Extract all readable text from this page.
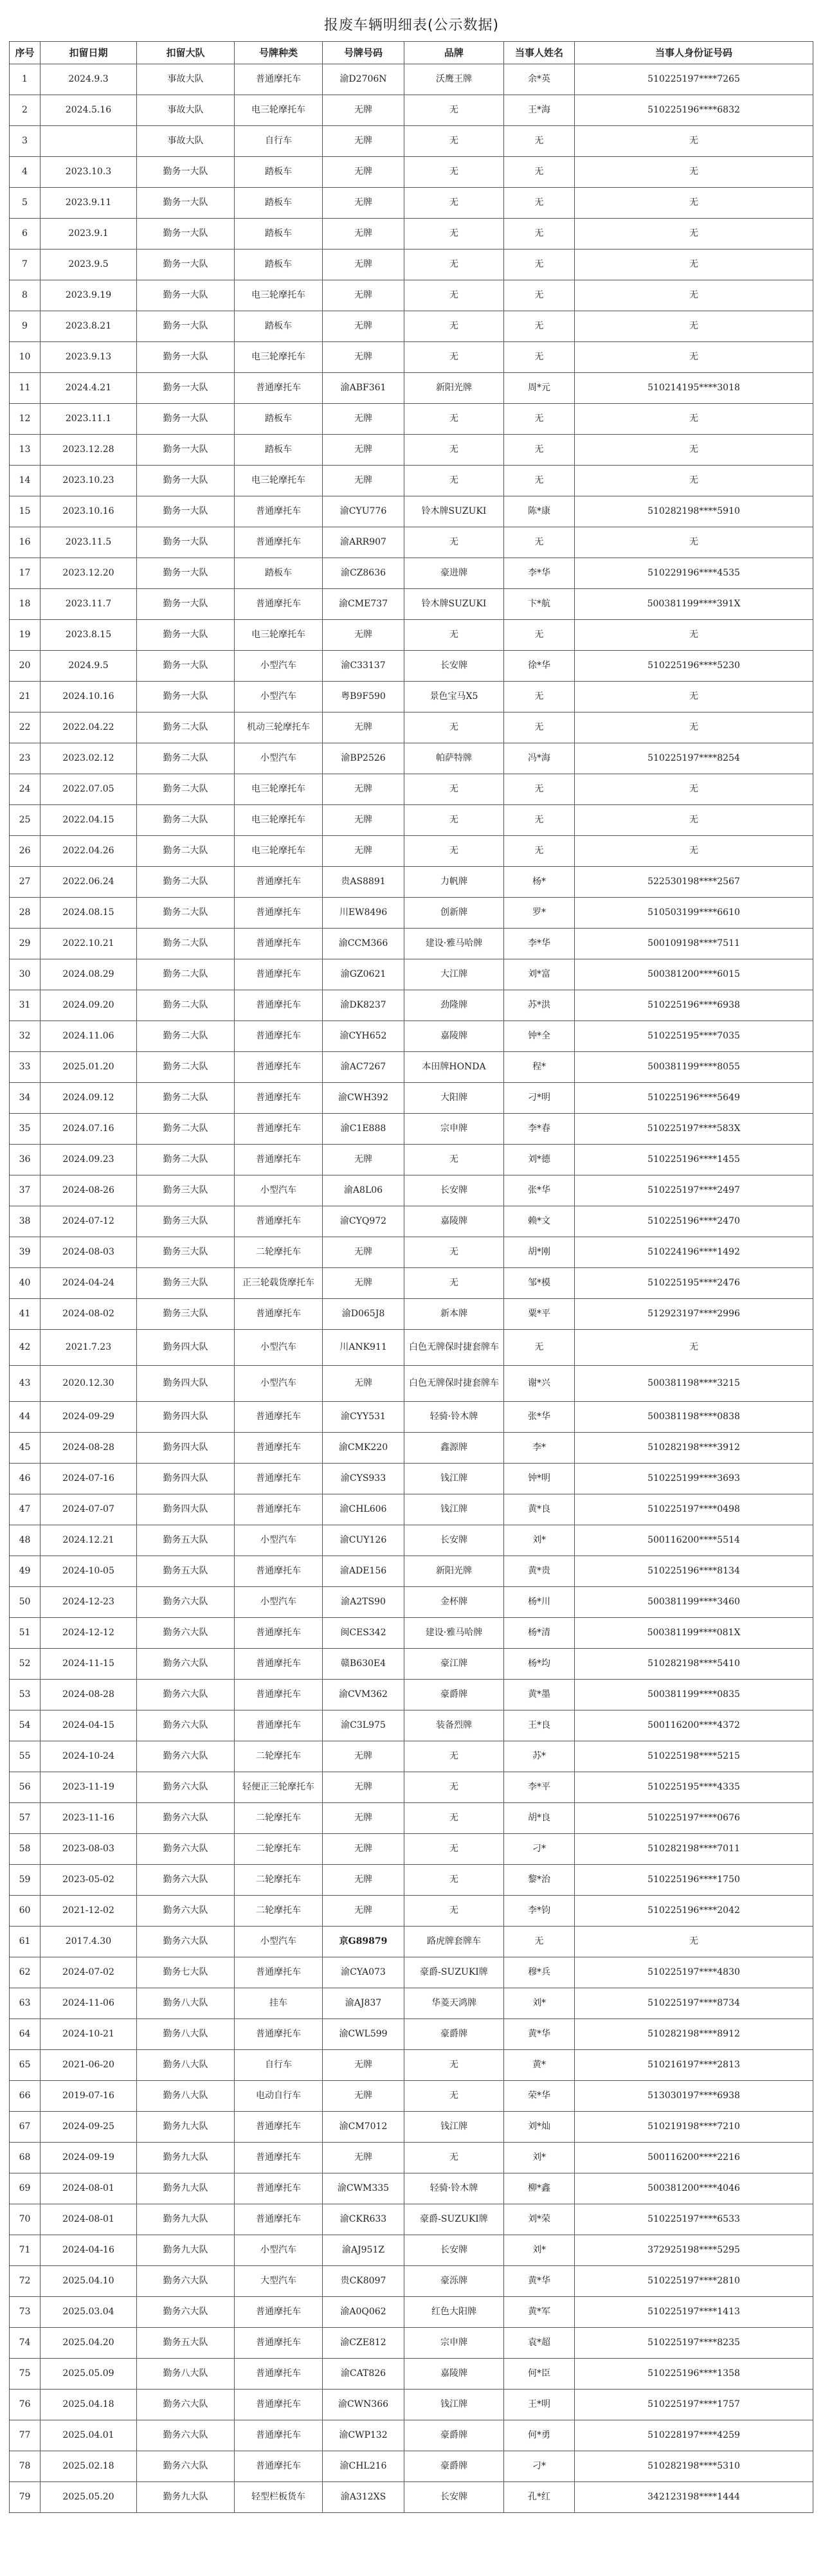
报废车辆明细表(公示数据)
序号	扣留日期	扣留大队	号牌种类	号牌号码	品牌	当事人姓名	当事人身份证号码
1	2024.9.3	事故大队	普通摩托车	渝D2706N	沃鹰王牌	余*英	510225197****7265
2	2024.5.16	事故大队	电三轮摩托车	无牌	无	王*海	510225196****6832
3		事故大队	自行车	无牌	无	无	无
4	2023.10.3	勤务一大队	踏板车	无牌	无	无	无
5	2023.9.11	勤务一大队	踏板车	无牌	无	无	无
6	2023.9.1	勤务一大队	踏板车	无牌	无	无	无
7	2023.9.5	勤务一大队	踏板车	无牌	无	无	无
8	2023.9.19	勤务一大队	电三轮摩托车	无牌	无	无	无
9	2023.8.21	勤务一大队	踏板车	无牌	无	无	无
10	2023.9.13	勤务一大队	电三轮摩托车	无牌	无	无	无
11	2024.4.21	勤务一大队	普通摩托车	渝ABF361	新阳光牌	周*元	510214195****3018
12	2023.11.1	勤务一大队	踏板车	无牌	无	无	无
13	2023.12.28	勤务一大队	踏板车	无牌	无	无	无
14	2023.10.23	勤务一大队	电三轮摩托车	无牌	无	无	无
15	2023.10.16	勤务一大队	普通摩托车	渝CYU776	铃木牌SUZUKI	陈*康	510282198****5910
16	2023.11.5	勤务一大队	普通摩托车	渝ARR907	无	无	无
17	2023.12.20	勤务一大队	踏板车	渝CZ8636	豪进牌	李*华	510229196****4535
18	2023.11.7	勤务一大队	普通摩托车	渝CME737	铃木牌SUZUKI	卞*航	500381199****391X
19	2023.8.15	勤务一大队	电三轮摩托车	无牌	无	无	无
20	2024.9.5	勤务一大队	小型汽车	渝C33137	长安牌	徐*华	510225196****5230
21	2024.10.16	勤务一大队	小型汽车	粤B9F590	景色宝马X5	无	无
22	2022.04.22	勤务二大队	机动三轮摩托车	无牌	无	无	无
23	2023.02.12	勤务二大队	小型汽车	渝BP2526	帕萨特牌	冯*海	510225197****8254
24	2022.07.05	勤务二大队	电三轮摩托车	无牌	无	无	无
25	2022.04.15	勤务二大队	电三轮摩托车	无牌	无	无	无
26	2022.04.26	勤务二大队	电三轮摩托车	无牌	无	无	无
27	2022.06.24	勤务二大队	普通摩托车	贵AS8891	力帆牌	杨*	522530198****2567
28	2024.08.15	勤务二大队	普通摩托车	川EW8496	创新牌	罗*	510503199****6610
29	2022.10.21	勤务二大队	普通摩托车	渝CCM366	建设·雅马哈牌	李*华	500109198****7511
30	2024.08.29	勤务二大队	普通摩托车	渝GZ0621	大江牌	刘*富	500381200****6015
31	2024.09.20	勤务二大队	普通摩托车	渝DK8237	劲隆牌	苏*洪	510225196****6938
32	2024.11.06	勤务二大队	普通摩托车	渝CYH652	嘉陵牌	钟*全	510225195****7035
33	2025.01.20	勤务二大队	普通摩托车	渝AC7267	本田牌HONDA	程*	500381199****8055
34	2024.09.12	勤务二大队	普通摩托车	渝CWH392	大阳牌	刁*明	510225196****5649
35	2024.07.16	勤务二大队	普通摩托车	渝C1E888	宗申牌	李*春	510225197****583X
36	2024.09.23	勤务二大队	普通摩托车	无牌	无	刘*德	510225196****1455
37	2024-08-26	勤务三大队	小型汽车	渝A8L06	长安牌	张*华	510225197****2497
38	2024-07-12	勤务三大队	普通摩托车	渝CYQ972	嘉陵牌	赖*文	510225196****2470
39	2024-08-03	勤务三大队	二轮摩托车	无牌	无	胡*刚	510224196****1492
40	2024-04-24	勤务三大队	正三轮载货摩托车	无牌	无	邹*模	510225195****2476
41	2024-08-02	勤务三大队	普通摩托车	渝D065J8	新本牌	粟*平	512923197****2996
42	2021.7.23	勤务四大队	小型汽车	川ANK911	白色无牌保时捷套牌车	无	无
43	2020.12.30	勤务四大队	小型汽车	无牌	白色无牌保时捷套牌车	谢*兴	500381198****3215
44	2024-09-29	勤务四大队	普通摩托车	渝CYY531	轻骑·铃木牌	张*华	500381198****0838
45	2024-08-28	勤务四大队	普通摩托车	渝CMK220	鑫源牌	李*	510282198****3912
46	2024-07-16	勤务四大队	普通摩托车	渝CYS933	钱江牌	钟*明	510225199****3693
47	2024-07-07	勤务四大队	普通摩托车	渝CHL606	钱江牌	黄*良	510225197****0498
48	2024.12.21	勤务五大队	小型汽车	渝CUY126	长安牌	刘*	500116200****5514
49	2024-10-05	勤务五大队	普通摩托车	渝ADE156	新阳光牌	黄*贵	510225196****8134
50	2024-12-23	勤务六大队	小型汽车	渝A2TS90	金杯牌	杨*川	500381199****3460
51	2024-12-12	勤务六大队	普通摩托车	闽CES342	建设·雅马哈牌	杨*清	500381199****081X
52	2024-11-15	勤务六大队	普通摩托车	赣B630E4	豪江牌	杨*均	510282198****5410
53	2024-08-28	勤务六大队	普通摩托车	渝CVM362	豪爵牌	黄*墨	500381199****0835
54	2024-04-15	勤务六大队	普通摩托车	渝C3L975	装备烈牌	王*良	500116200****4372
55	2024-10-24	勤务六大队	二轮摩托车	无牌	无	苏*	510225198****5215
56	2023-11-19	勤务六大队	轻便正三轮摩托车	无牌	无	李*平	510225195****4335
57	2023-11-16	勤务六大队	二轮摩托车	无牌	无	胡*良	510225197****0676
58	2023-08-03	勤务六大队	二轮摩托车	无牌	无	刁*	510282198****7011
59	2023-05-02	勤务六大队	二轮摩托车	无牌	无	黎*治	510225196****1750
60	2021-12-02	勤务六大队	二轮摩托车	无牌	无	李*钧	510225196****2042
61	2017.4.30	勤务六大队	小型汽车	京G89879	路虎牌套牌车	无	无
62	2024-07-02	勤务七大队	普通摩托车	渝CYA073	豪爵-SUZUKI牌	穆*兵	510225197****4830
63	2024-11-06	勤务八大队	挂车	渝AJ837	华菱天鸿牌	刘*	510225197****8734
64	2024-10-21	勤务八大队	普通摩托车	渝CWL599	豪爵牌	黄*华	510282198****8912
65	2021-06-20	勤务八大队	自行车	无牌	无	黄*	510216197****2813
66	2019-07-16	勤务八大队	电动自行车	无牌	无	荣*华	513030197****6938
67	2024-09-25	勤务九大队	普通摩托车	渝CM7012	钱江牌	刘*灿	510219198****7210
68	2024-09-19	勤务九大队	普通摩托车	无牌	无	刘*	500116200****2216
69	2024-08-01	勤务九大队	普通摩托车	渝CWM335	轻骑·铃木牌	柳*鑫	500381200****4046
70	2024-08-01	勤务九大队	普通摩托车	渝CKR633	豪爵-SUZUKI牌	刘*荣	510225197****6533
71	2024-04-16	勤务九大队	小型汽车	渝AJ951Z	长安牌	刘*	372925198****5295
72	2025.04.10	勤务六大队	大型汽车	贵CK8097	豪泺牌	黄*华	510225197****2810
73	2025.03.04	勤务六大队	普通摩托车	渝A0Q062	红色大阳牌	黄*军	510225197****1413
74	2025.04.20	勤务五大队	普通摩托车	渝CZE812	宗申牌	袁*超	510225197****8235
75	2025.05.09	勤务八大队	普通摩托车	渝CAT826	嘉陵牌	何*臣	510225196****1358
76	2025.04.18	勤务六大队	普通摩托车	渝CWN366	钱江牌	王*明	510225197****1757
77	2025.04.01	勤务六大队	普通摩托车	渝CWP132	豪爵牌	何*勇	510228197****4259
78	2025.02.18	勤务六大队	普通摩托车	渝CHL216	豪爵牌	刁*	510282198****5310
79	2025.05.20	勤务九大队	轻型栏板货车	渝A312XS	长安牌	孔*红	342123198****1444
